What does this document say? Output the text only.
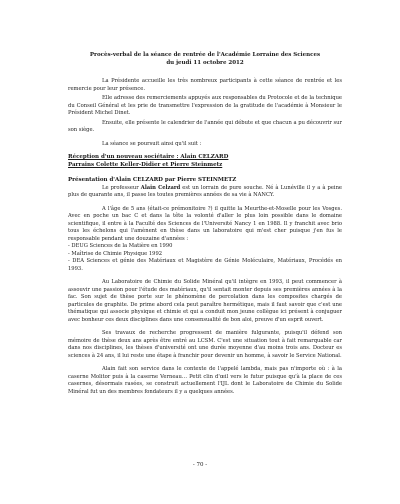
Procès-verbal de la séance de rentrée de l'Académie Lorraine des Sciences
du jeudi 11 octobre 2012

La Présidente accueille les très nombreux participants à cette séance de rentrée et les remercie pour leur présence.

Elle adresse des remerciements appuyés aux responsables du Protocole et de la technique du Conseil Général et les prie de transmettre l'expression de la gratitude de l'académie à Monsieur le Président Michel Dinet.

Ensuite, elle présente le calendrier de l'année qui débute et que chacun a pu découvrir sur son siège.

La séance se poursuit ainsi qu'il suit :

Réception d'un nouveau sociétaire : Alain CELZARD

Parrains Colette Keller-Didier et Pierre Steinmetz

Présentation d'Alain CELZARD par Pierre STEINMETZ

Le professeur Alain Celzard est un lorrain de pure souche. Né à Lunéville il y a à peine plus de quarante ans, il passe les toutes premières années de sa vie à NANCY.

A l'âge de 5 ans (était-ce prémonitoire ?) il quitte la Meurthe-et-Moselle pour les Vosges. Avec en poche un bac C et dans la tête la volonté d'aller le plus loin possible dans le domaine scientifique, il entre à la Faculté des Sciences de l'Université Nancy 1 en 1988. Il y franchit avec brio tous les échelons qui l'amènent en thèse dans un laboratoire qui m'est cher puisque j'en fus le responsable pendant une douzaine d'années :

- DEUG Sciences de la Matière en 1990

- Maîtrise de Chimie Physique 1992

- DEA Sciences et génie des Matériaux et Magistère de Génie Moléculaire, Matériaux, Procédés en 1993.

Au Laboratoire de Chimie du Solide Minéral qu'il intègre en 1993, il peut commencer à assouvir une passion pour l'étude des matériaux, qu'il sentait monter depuis ses premières années à la fac. Son sujet de thèse porte sur le phénomène de percolation dans les composites chargés de particules de graphite. De prime abord cela peut paraître hermétique, mais il faut savoir que c'est une thématique qui associe physique et chimie et qui a conduit mon jeune collègue ici présent à conjuguer avec bonheur ces deux disciplines dans une consensualité de bon aloi, preuve d'un esprit ouvert.

Ses travaux de recherche progressent de manière fulgurante, puisqu'il défend son mémoire de thèse deux ans après être entré au LCSM. C'est une situation tout à fait remarquable car dans nos disciplines, les thèses d'université ont une durée moyenne d'au moins trois ans. Docteur es sciences à 24 ans, il lui reste une étape à franchir pour devenir un homme, à savoir le Service National.

Alain fait son service dans le contexte de l'appelé lambda, mais pas n'importe où : à la caserne Molitor puis à la caserne Verneau… Petit clin d'œil vers le futur puisque qu'à la place de ces casernes, désormais rasées, se construit actuellement l'IJL dont le Laboratoire de Chimie du Solide Minéral fut un des membres fondateurs il y a quelques années.

- 70 -
